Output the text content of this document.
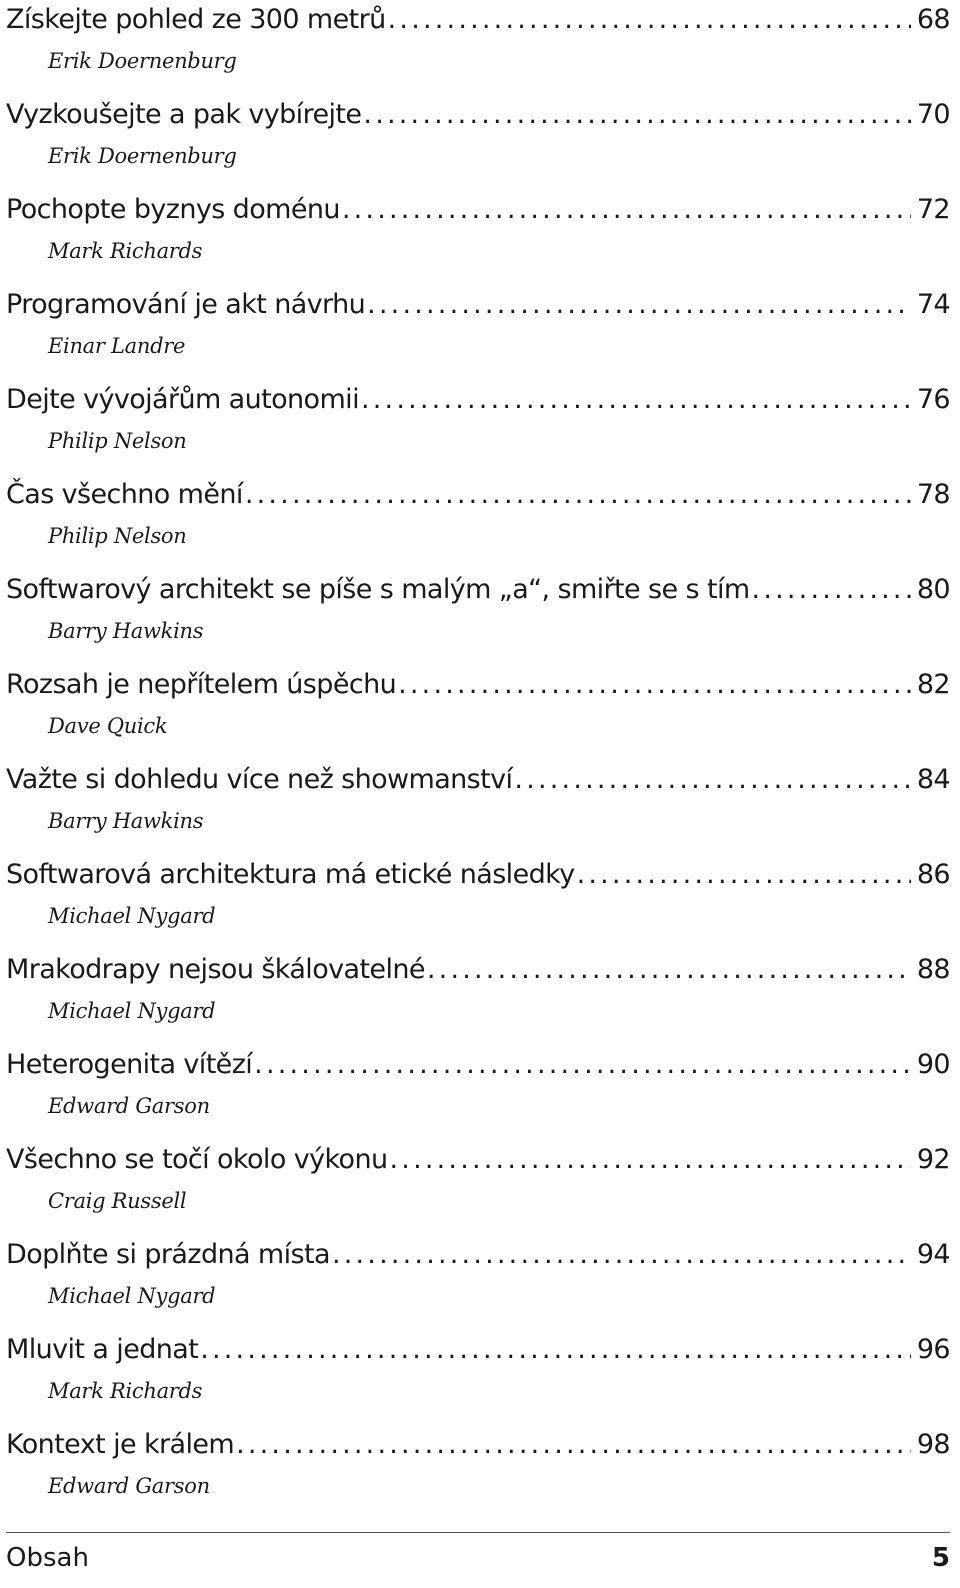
Získejte pohled ze 300 metrů .....	68
Erik Doernenburg
Vyzkoušejte a pak vybírejte .....	70
Erik Doernenburg
Pochopte byznys doménu .....	72
Mark Richards
Programování je akt návrhu .....	74
Einar Landre
Dejte vývojářům autonomii .....	76
Philip Nelson
Čas všechno mění .....	78
Philip Nelson
Softwarový architekt se píše s malým „a“, smiřte se s tím .....	80
Barry Hawkins
Rozsah je nepřítelem úspěchu .....	82
Dave Quick
Važte si dohledu více než showmanství .....	84
Barry Hawkins
Softwarová architektura má etické následky .....	86
Michael Nygard
Mrakodrapy nejsou škálovatelné .....	88
Michael Nygard
Heterogenita vítězí .....	90
Edward Garson
Všechno se točí okolo výkonu .....	92
Craig Russell
Doplňte si prázdná místa .....	94
Michael Nygard
Mluvit a jednat .....	96
Mark Richards
Kontext je králem .....	98
Edward Garson
Obsah	5
